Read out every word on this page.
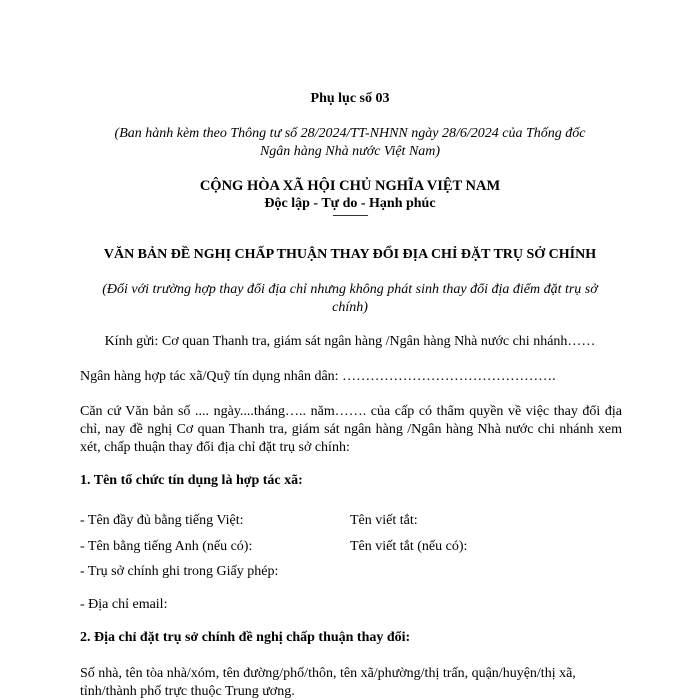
Phụ lục số 03
(Ban hành kèm theo Thông tư số 28/2024/TT-NHNN ngày 28/6/2024 của Thống đốc
Ngân hàng Nhà nước Việt Nam)
CỘNG HÒA XÃ HỘI CHỦ NGHĨA VIỆT NAM
Độc lập - Tự do - Hạnh phúc
---------------
VĂN BẢN ĐỀ NGHỊ CHẤP THUẬN THAY ĐỔI ĐỊA CHỈ ĐẶT TRỤ SỞ CHÍNH
(Đối với trường hợp thay đổi địa chỉ nhưng không phát sinh thay đổi địa điểm đặt trụ sở
chính)
Kính gửi: Cơ quan Thanh tra, giám sát ngân hàng /Ngân hàng Nhà nước chi nhánh……
Ngân hàng hợp tác xã/Quỹ tín dụng nhân dân: ……………………………………….
Căn cứ Văn bản số .... ngày....tháng….. năm……. của cấp có thẩm quyền về việc thay đổi địa chỉ, nay đề nghị Cơ quan Thanh tra, giám sát ngân hàng /Ngân hàng Nhà nước chi nhánh xem xét, chấp thuận thay đổi địa chỉ đặt trụ sở chính:
1. Tên tổ chức tín dụng là hợp tác xã:
- Tên đầy đủ bằng tiếng Việt:	Tên viết tắt:
- Tên bằng tiếng Anh (nếu có):	Tên viết tắt (nếu có):
- Trụ sở chính ghi trong Giấy phép:
- Địa chỉ email:
2. Địa chỉ đặt trụ sở chính đề nghị chấp thuận thay đổi:
Số nhà, tên tòa nhà/xóm, tên đường/phố/thôn, tên xã/phường/thị trấn, quận/huyện/thị xã,
tỉnh/thành phố trực thuộc Trung ương.
